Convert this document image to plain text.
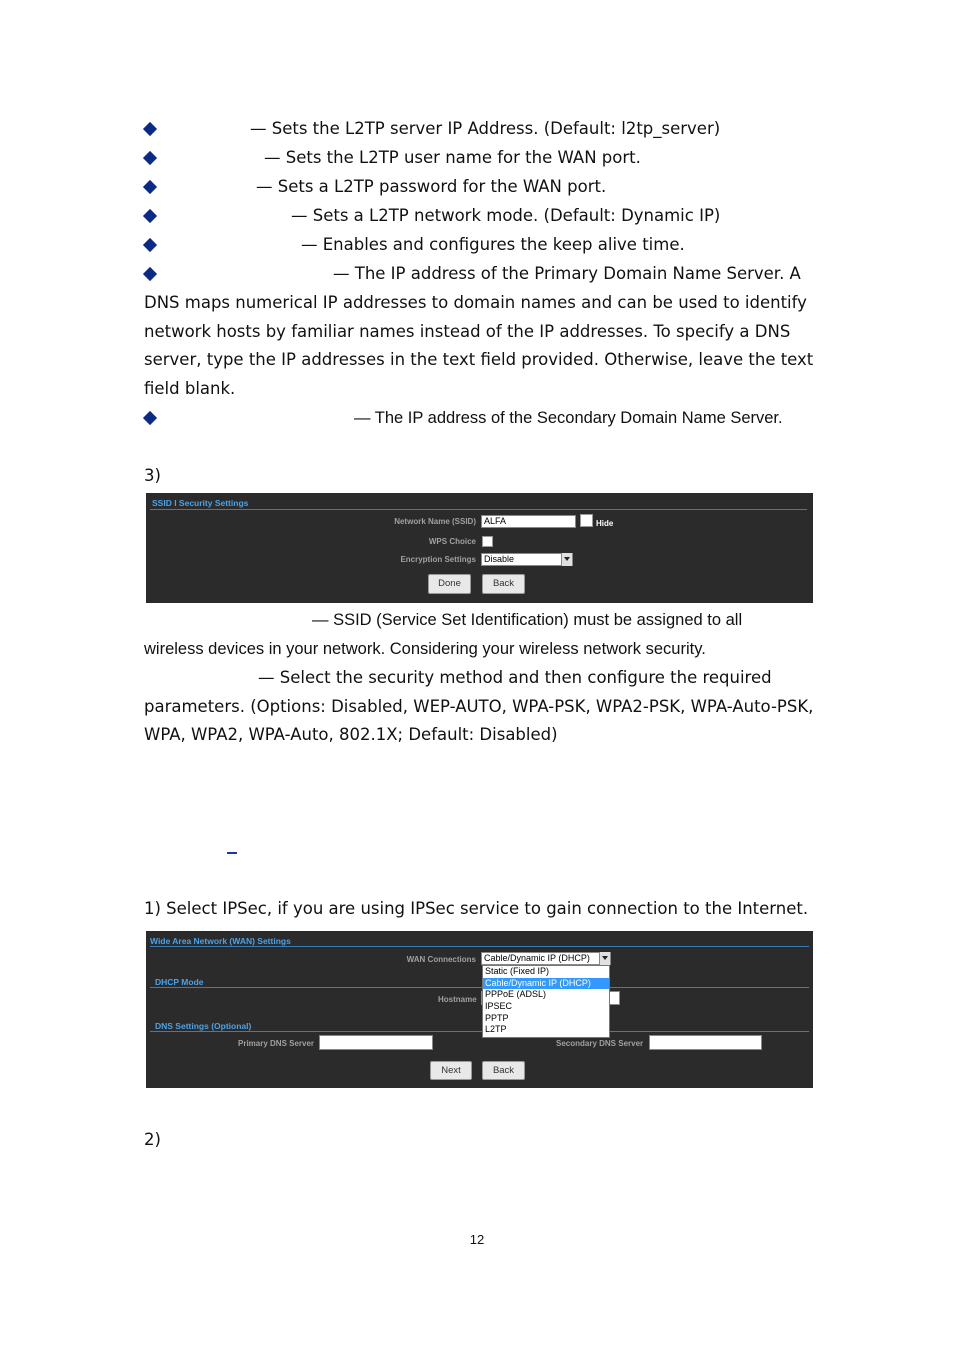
— Sets the L2TP server IP Address. (Default: l2tp_server)
— Sets the L2TP user name for the WAN port.
— Sets a L2TP password for the WAN port.
— Sets a L2TP network mode. (Default: Dynamic IP)
— Enables and configures the keep alive time.
— The IP address of the Primary Domain Name Server. A
DNS maps numerical IP addresses to domain names and can be used to identify
network hosts by familiar names instead of the IP addresses. To specify a DNS
server, type the IP addresses in the text field provided. Otherwise, leave the text
field blank.
— The IP address of the Secondary Domain Name Server.
3)
SSID I Security Settings
Network Name (SSID) ALFA	Hide
WPS Choice
Encryption Settings Disable
Done	Back
— SSID (Service Set Identification) must be assigned to all
wireless devices in your network. Considering your wireless network security.
— Select the security method and then configure the required
parameters. (Options: Disabled, WEP-AUTO, WPA-PSK, WPA2-PSK, WPA-Auto-PSK,
WPA, WPA2, WPA-Auto, 802.1X; Default: Disabled)
1) Select IPSec, if you are using IPSec service to gain connection to the Internet.
Wide Area Network (WAN) Settings
WAN Connections Cable/Dynamic IP (DHCP)
DHCP Mode
Hostname
DNS Settings (Optional)
Primary DNS Server	Secondary DNS Server
Next	Back
Static (Fixed IP)
Cable/Dynamic IP (DHCP)
PPPoE (ADSL)
IPSEC
PPTP
L2TP
2)
12
